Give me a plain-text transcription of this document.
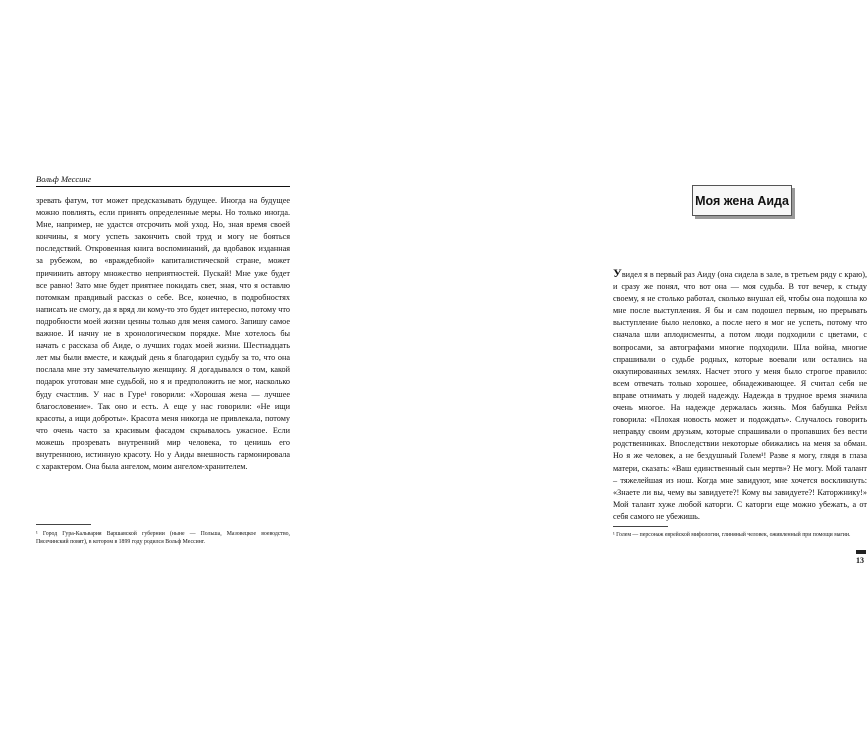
Вольф Мессинг

зревать фатум, тот может предсказывать будущее. Иногда на будущее можно повлиять, если принять определенные меры. Но только иногда. Мне, например, не удастся отсрочить мой уход. Но, зная время своей кончины, я могу успеть закончить свой труд и могу не бояться последствий. Откровенная книга воспоминаний, да вдобавок изданная за рубежом, во «враждебной» капиталистической стране, может причинить автору множество неприятностей. Пускай! Мне уже будет все равно! Зато мне будет приятнее покидать свет, зная, что я оставлю потомкам правдивый рассказ о себе. Все, конечно, в подробностях написать не смогу, да я вряд ли кому-то это будет интересно, потому что подробности моей жизни ценны только для меня самого. Запишу самое важное. И начну не в хронологическом порядке. Мне хотелось бы начать с рассказа об Аиде, о лучших годах моей жизни. Шестнадцать лет мы были вместе, и каждый день я благодарил судьбу за то, что она послала мне эту замечательную женщину. Я догадывался о том, какой подарок уготован мне судьбой, но я и предположить не мог, насколько буду счастлив. У нас в Гуре¹ говорили: «Хорошая жена — лучшее благословение». Так оно и есть. А еще у нас говорили: «Не ищи красоты, а ищи доброты». Красота меня никогда не привлекала, потому что очень часто за красивым фасадом скрывалось ужасное. Если можешь прозревать внутренний мир человека, то ценишь его внутреннюю, истинную красоту. Но у Аиды внешность гармонировала с характером. Она была ангелом, моим ангелом-хранителем.

¹ Город Гура-Кальвария Варшавской губернии (ныне — Польша, Мазовецкое воеводство, Пясечинский повят), в котором в 1899 году родился Вольф Мессинг.

Моя жена Аида

Увидел я в первый раз Аиду (она сидела в зале, в третьем ряду с краю), и сразу же понял, что вот она — моя судьба. В тот вечер, к стыду своему, я не столько работал, сколько внушал ей, чтобы она подошла ко мне после выступления. Я бы и сам подошел первым, но прерывать выступление было неловко, а после него я мог не успеть, потому что сначала шли аплодисменты, а потом люди подходили с цветами, с вопросами, за автографами многие подходили. Шла война, многие спрашивали о судьбе родных, которые воевали или остались на оккупированных землях. Насчет этого у меня было строгое правило: всем отвечать только хорошее, обнадеживающее. Я считал себя не вправе отнимать у людей надежду. Надежда в трудное время значила очень многое. На надежде держалась жизнь. Моя бабушка Рейзл говорила: «Плохая новость может и подождать». Случалось говорить неправду своим друзьям, которые спрашивали о пропавших без вести родственниках. Впоследствии некоторые обижались на меня за обман. Но я же человек, а не бездушный Голем¹! Разве я могу, глядя в глаза матери, сказать: «Ваш единственный сын мертв»? Не могу. Мой талант – тяжелейшая из нош. Когда мне завидуют, мне хочется воскликнуть: «Знаете ли вы, чему вы завидуете?! Кому вы завидуете?! Каторжнику!» Мой талант хуже любой каторги. С каторги еще можно убежать, а от себя самого не убежишь.

¹ Голем — персонаж еврейской мифологии, глиняный человек, оживленный при помощи магии.

13
